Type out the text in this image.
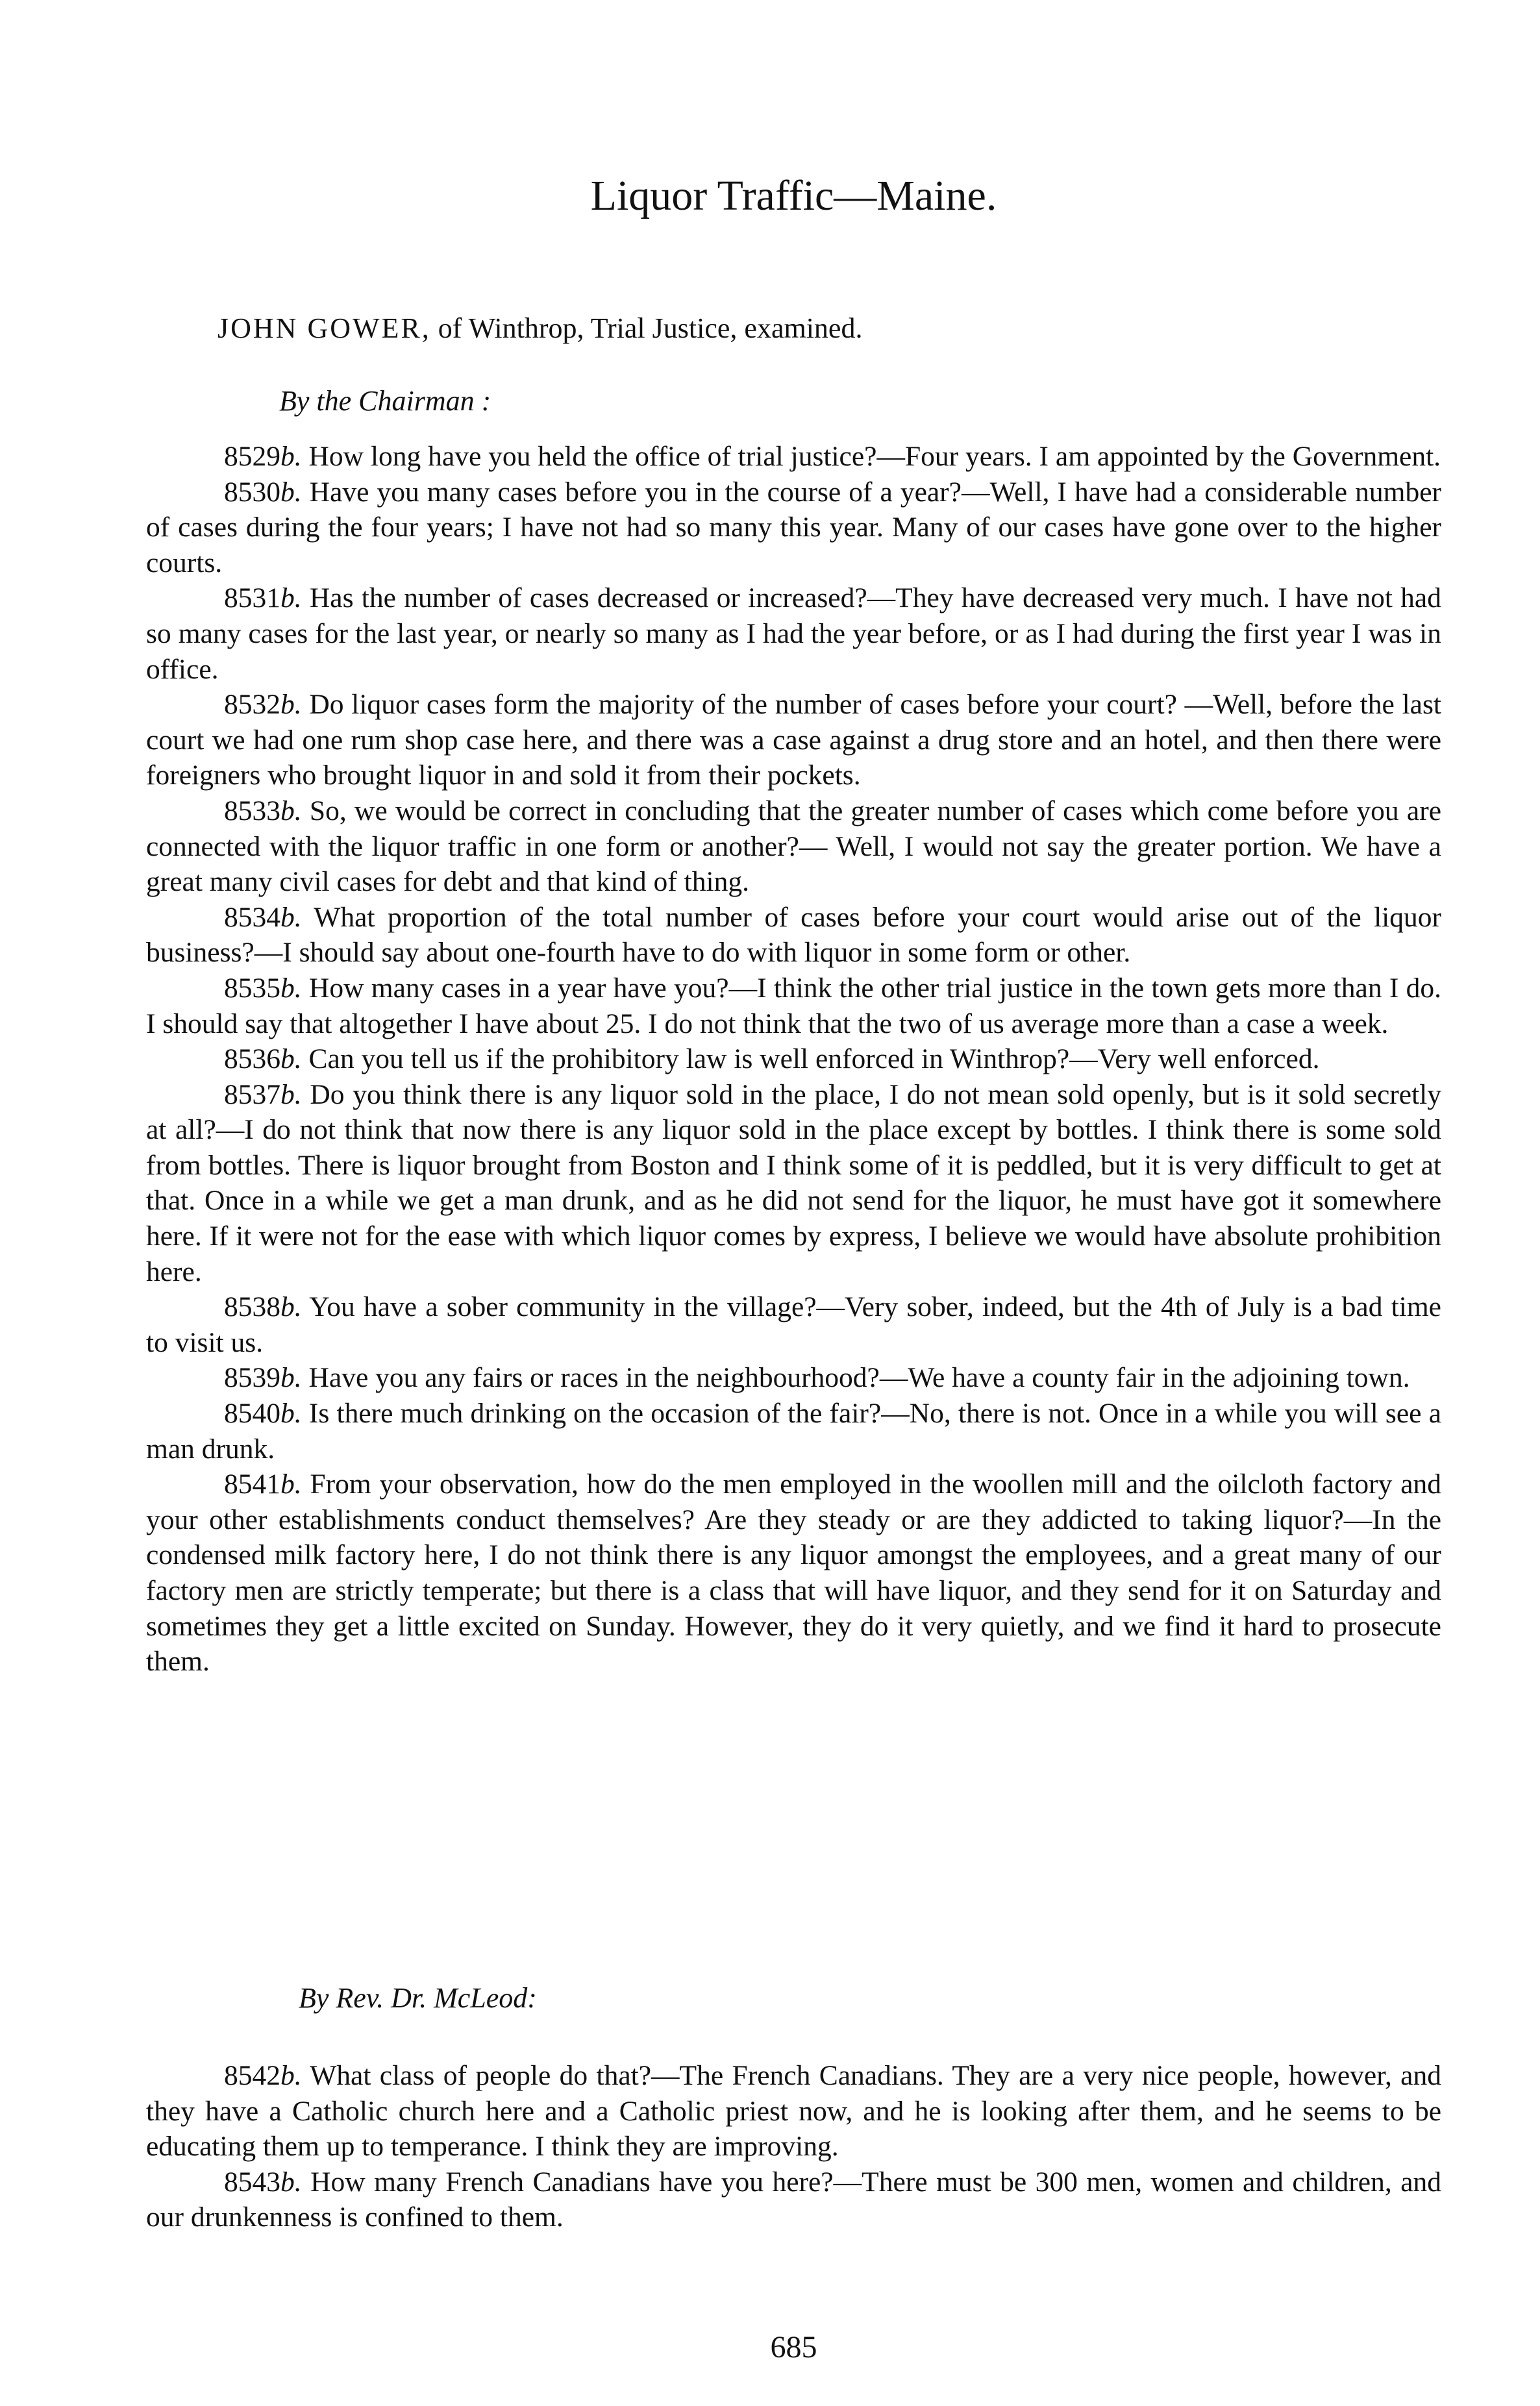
Liquor Traffic—Maine.
JOHN GOWER, of Winthrop, Trial Justice, examined.
By the Chairman :

8529b. How long have you held the office of trial justice?—Four years. I am appointed by the Government.

8530b. Have you many cases before you in the course of a year?—Well, I have had a considerable number of cases during the four years; I have not had so many this year. Many of our cases have gone over to the higher courts.

8531b. Has the number of cases decreased or increased?—They have decreased very much. I have not had so many cases for the last year, or nearly so many as I had the year before, or as I had during the first year I was in office.

8532b. Do liquor cases form the majority of the number of cases before your court? —Well, before the last court we had one rum shop case here, and there was a case against a drug store and an hotel, and then there were foreigners who brought liquor in and sold it from their pockets.

8533b. So, we would be correct in concluding that the greater number of cases which come before you are connected with the liquor traffic in one form or another?— Well, I would not say the greater portion. We have a great many civil cases for debt and that kind of thing.

8534b. What proportion of the total number of cases before your court would arise out of the liquor business?—I should say about one-fourth have to do with liquor in some form or other.

8535b. How many cases in a year have you?—I think the other trial justice in the town gets more than I do. I should say that altogether I have about 25. I do not think that the two of us average more than a case a week.

8536b. Can you tell us if the prohibitory law is well enforced in Winthrop?—Very well enforced.

8537b. Do you think there is any liquor sold in the place, I do not mean sold openly, but is it sold secretly at all?—I do not think that now there is any liquor sold in the place except by bottles. I think there is some sold from bottles. There is liquor brought from Boston and I think some of it is peddled, but it is very difficult to get at that. Once in a while we get a man drunk, and as he did not send for the liquor, he must have got it somewhere here. If it were not for the ease with which liquor comes by express, I believe we would have absolute prohibition here.

8538b. You have a sober community in the village?—Very sober, indeed, but the 4th of July is a bad time to visit us.

8539b. Have you any fairs or races in the neighbourhood?—We have a county fair in the adjoining town.

8540b. Is there much drinking on the occasion of the fair?—No, there is not. Once in a while you will see a man drunk.

8541b. From your observation, how do the men employed in the woollen mill and the oilcloth factory and your other establishments conduct themselves? Are they steady or are they addicted to taking liquor?—In the condensed milk factory here, I do not think there is any liquor amongst the employees, and a great many of our factory men are strictly temperate; but there is a class that will have liquor, and they send for it on Saturday and sometimes they get a little excited on Sunday. However, they do it very quietly, and we find it hard to prosecute them.

By Rev. Dr. McLeod:

8542b. What class of people do that?—The French Canadians. They are a very nice people, however, and they have a Catholic church here and a Catholic priest now, and he is looking after them, and he seems to be educating them up to temperance. I think they are improving.

8543b. How many French Canadians have you here?—There must be 300 men, women and children, and our drunkenness is confined to them.

685
